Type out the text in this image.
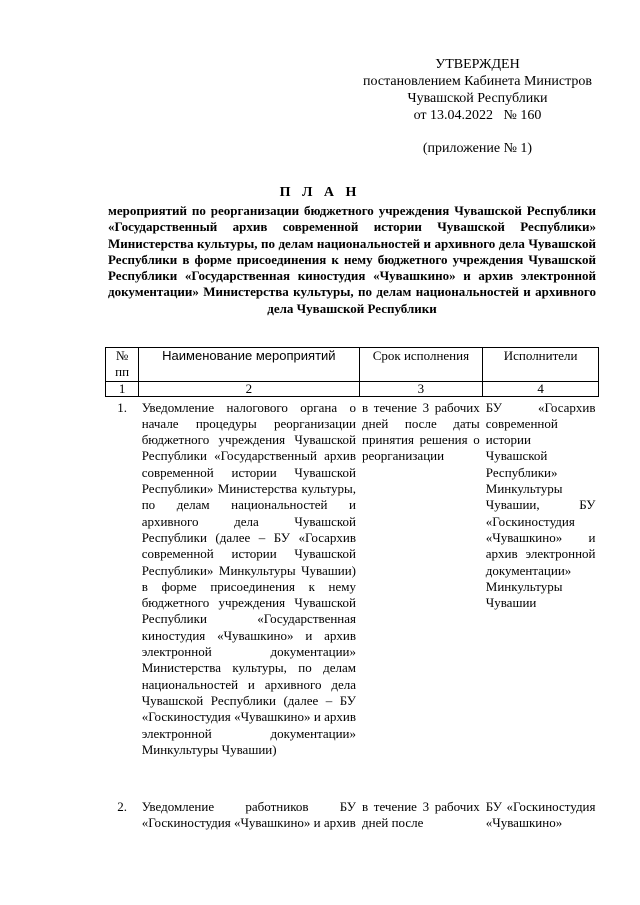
УТВЕРЖДЕН
постановлением Кабинета Министров
Чувашской Республики
от 13.04.2022   № 160
(приложение № 1)
П Л А Н
мероприятий по реорганизации бюджетного учреждения Чувашской Республики «Государственный архив современной истории Чувашской Республики» Министерства культуры, по делам национальностей и архивного дела Чувашской Республики в форме присоединения к нему бюджетного учреждения Чувашской Республики «Государственная киностудия «Чувашкино» и архив электронной документации» Министерства культуры, по делам национальностей и архивного дела Чувашской Республики
№ пп	Наименование мероприятий	Срок исполнения	Исполнители
1	2	3	4
1.	Уведомление налогового органа о начале процедуры реорганизации бюджетного учреждения Чувашской Республики «Государственный архив современной истории Чувашской Республики» Министерства культуры, по делам национальностей и архивного дела Чувашской Республики (далее – БУ «Госархив современной истории Чувашской Республики» Минкультуры Чувашии) в форме присоединения к нему бюджетного учреждения Чувашской Республики «Государственная киностудия «Чувашкино» и архив электронной документации» Министерства культуры, по делам национальностей и архивного дела Чувашской Республики (далее – БУ «Госкиностудия «Чувашкино» и архив электронной документации» Минкультуры Чувашии)	в течение 3 рабочих дней после даты принятия решения о реорганизации	БУ «Госархив современной истории Чувашской Республики» Минкультуры Чувашии, БУ «Госкиностудия «Чувашкино» и архив электронной документации» Минкультуры Чувашии
2.	Уведомление работников БУ «Госкиностудия «Чувашкино» и архив	в течение 3 рабочих дней после	БУ «Госкиностудия «Чувашкино»
